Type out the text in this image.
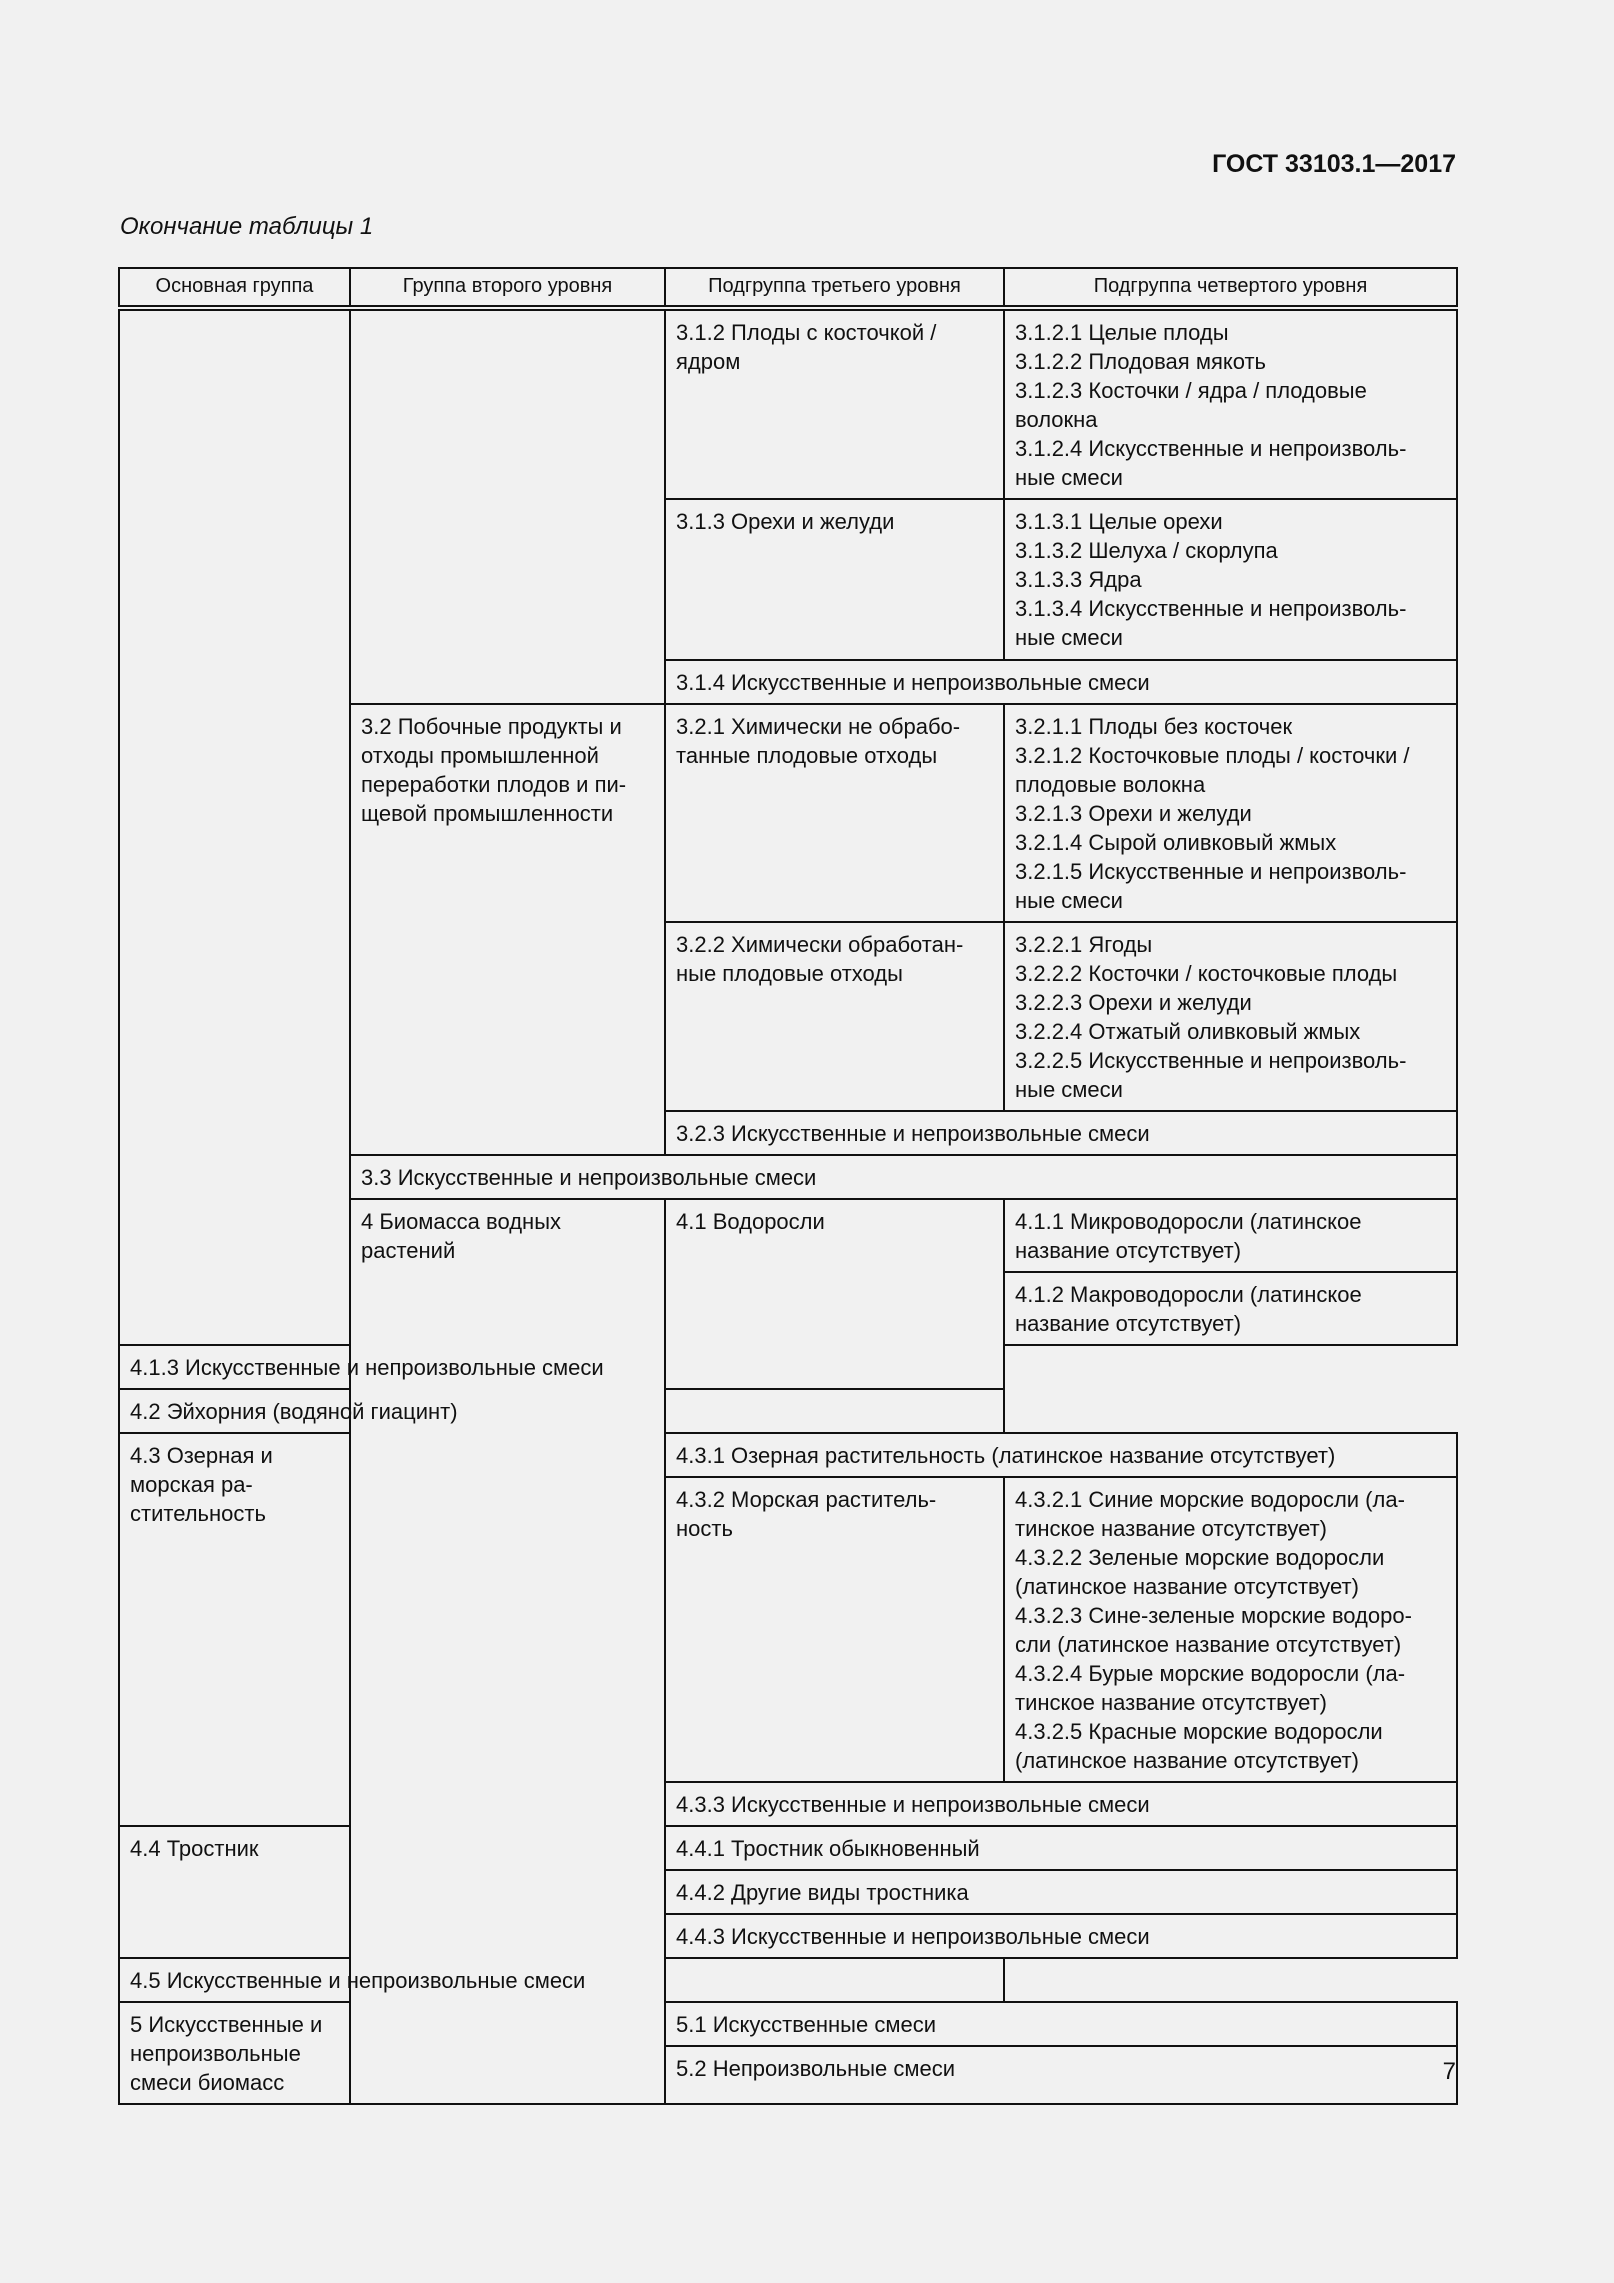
ГОСТ 33103.1—2017
Окончание таблицы 1
Основная группа	Группа второго уровня	Подгруппа третьего уровня	Подгруппа четвертого уровня
		3.1.2 Плоды с косточкой / ядром	3.1.2.1 Целые плоды
3.1.2.2 Плодовая мякоть
3.1.2.3 Косточки / ядра / плодовые волокна
3.1.2.4 Искусственные и непроизволь-ные смеси

		3.1.3 Орехи и желуди	3.1.3.1 Целые орехи
3.1.3.2 Шелуха / скорлупа
3.1.3.3 Ядра
3.1.3.4 Искусственные и непроизволь-ные смеси

		3.1.4 Искусственные и непроизвольные смеси	
	3.2 Побочные продукты и отходы промышленной переработки плодов и пи-щевой промышленности	3.2.1 Химически не обрабо-танные плодовые отходы	3.2.1.1 Плоды без косточек
3.2.1.2 Косточковые плоды / косточки / плодовые волокна
3.2.1.3 Орехи и желуди
3.2.1.4 Сырой оливковый жмых
3.2.1.5 Искусственные и непроизволь-ные смеси

		3.2.2 Химически обработан-ные плодовые отходы	3.2.2.1 Ягоды
3.2.2.2 Косточки / косточковые плоды
3.2.2.3 Орехи и желуди
3.2.2.4 Отжатый оливковый жмых
3.2.2.5 Искусственные и непроизволь-ные смеси

		3.2.3 Искусственные и непроизвольные смеси	
	3.3 Искусственные и непроизвольные смеси		
	4 Биомасса водных растений	4.1 Водоросли	4.1.1 Микроводоросли (латинское название отсутствует)
			4.1.2 Макроводоросли (латинское название отсутствует)
4.1.3 Искусственные и непроизвольные смеси			
4.2 Эйхорния (водяной гиацинт)			
4.3 Озерная и морская ра-стительность		4.3.1 Озерная растительность (латинское название отсутствует)	
		4.3.2 Морская раститель-ность	4.3.2.1 Синие морские водоросли (ла-тинское название отсутствует)
4.3.2.2 Зеленые морские водоросли (латинское название отсутствует)
4.3.2.3 Сине-зеленые морские водоро-сли (латинское название отсутствует)
4.3.2.4 Бурые морские водоросли (ла-тинское название отсутствует)
4.3.2.5 Красные морские водоросли (латинское название отсутствует)

		4.3.3 Искусственные и непроизвольные смеси	
4.4 Тростник		4.4.1 Тростник обыкновенный	
		4.4.2 Другие виды тростника	
		4.4.3 Искусственные и непроизвольные смеси	
4.5 Искусственные и непроизвольные смеси			
5 Искусственные и непроизвольные смеси биомасс		5.1 Искусственные смеси	
		5.2 Непроизвольные смеси		7
